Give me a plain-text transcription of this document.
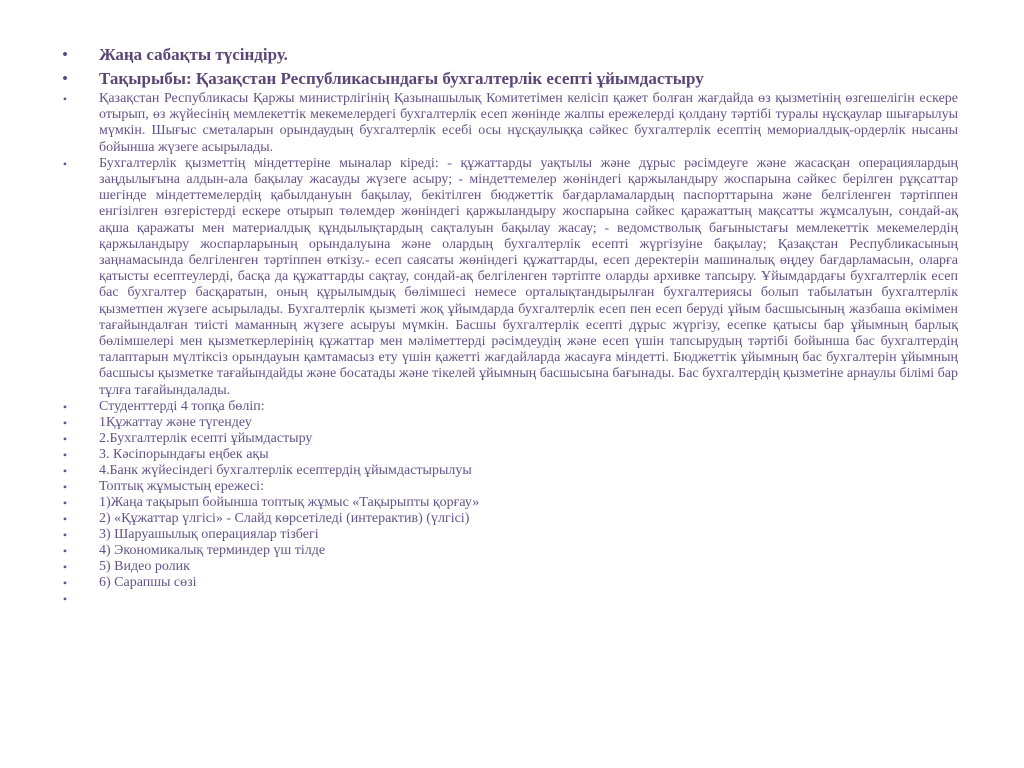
• Жаңа сабақты түсіндіру.
• Тақырыбы: Қазақстан Республикасындағы бухгалтерлік есепті ұйымдастыру
• Қазақстан Республикасы Қаржы министрлігінің Қазынашылық Комитетімен келісіп қажет болған жағдайда өз қызметінің өзгешелігін ескере отырып, өз жүйесінің мемлекеттік мекемелердегі бухгалтерлік есеп жөнінде жалпы ережелерді қолдану тәртібі туралы нұсқаулар шығарылуы мүмкін. Шығыс сметаларын орындаудың бухгалтерлік есебі осы нұсқаулыққа сәйкес бухгалтерлік есептің мемориалдық-ордерлік нысаны бойынша жүзеге асырылады.
• Бухгалтерлік қызметтің міндеттеріне мыналар кіреді: - құжаттарды уақтылы және дұрыс рәсімдеуге және жасасқан операциялардың заңдылығына алдын-ала бақылау жасауды жүзеге асыру; - міндеттемелер жөніндегі қаржыландыру жоспарына сәйкес берілген рұқсаттар шегінде міндеттемелердің қабылдануын бақылау, бекітілген бюджеттік бағдарламалардың паспорттарына және белгіленген тәртіппен енгізілген өзгерістерді ескере отырып төлемдер жөніндегі қаржыландыру жоспарына сәйкес қаражаттың мақсатты жұмсалуын, сондай-ақ ақша қаражаты мен материалдық құндылықтардың сақталуын бақылау жасау; - ведомстволық бағыныстағы мемлекеттік мекемелердің қаржыландыру жоспарларының орындалуына және олардың бухгалтерлік есепті жүргізуіне бақылау; Қазақстан Республикасының заңнамасында белгіленген тәртіппен өткізу.- есеп саясаты жөніндегі құжаттарды, есеп деректерін машиналық өңдеу бағдарламасын, оларға қатысты есептеулерді, басқа да құжаттарды сақтау, сондай-ақ белгіленген тәртіпте оларды архивке тапсыру. Ұйымдардағы бухгалтерлік есеп бас бухгалтер басқаратын, оның құрылымдық бөлімшесі немесе орталықтандырылған бухгалтериясы болып табылатын бухгалтерлік қызметпен жүзеге асырылады. Бухгалтерлік қызметі жоқ ұйымдарда бухгалтерлік есеп пен есеп беруді ұйым басшысының жазбаша өкімімен тағайындалған тиісті маманның жүзеге асыруы мүмкін. Басшы бухгалтерлік есепті дұрыс жүргізу, есепке қатысы бар ұйымның барлық бөлімшелері мен қызметкерлерінің құжаттар мен мәліметтерді рәсімдеудің және есеп үшін тапсырудың тәртібі бойынша бас бухгалтердің талаптарын мүлтіксіз орындауын қамтамасыз ету үшін қажетті жағдайларда жасауға міндетті. Бюджеттік ұйымның бас бухгалтерін ұйымның басшысы қызметке тағайындайды және босатады және тікелей ұйымның басшысына бағынады. Бас бухгалтердің қызметіне арнаулы білімі бар тұлға тағайындалады.
• Студенттерді 4 топқа бөліп:
• 1Құжаттау және түгендеу
• 2.Бухгалтерлік есепті ұйымдастыру
• 3. Кәсіпорындағы еңбек ақы
• 4.Банк жүйесіндегі бухгалтерлік есептердің ұйымдастырылуы
• Топтық жұмыстың ережесі:
• 1)Жаңа тақырып бойынша топтық жұмыс «Тақырыпты қорғау»
• 2) «Құжаттар үлгісі» - Слайд көрсетіледі (интерактив) (үлгісі)
• 3) Шаруашылық операциялар тізбегі
• 4) Экономикалық терминдер үш тілде
• 5) Видео ролик
• 6) Сарапшы сөзі
•
